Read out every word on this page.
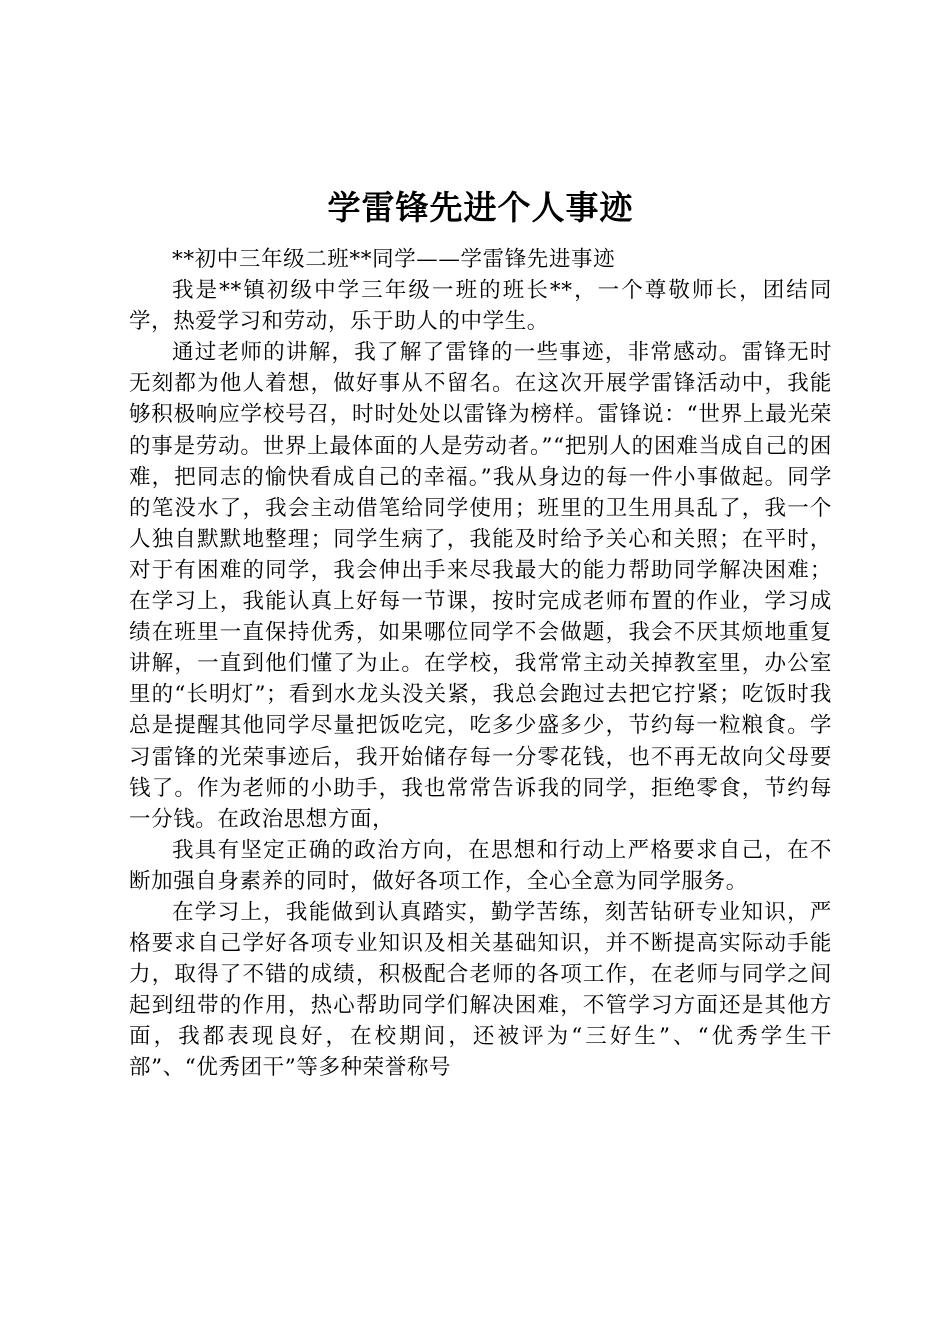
学雷锋先进个人事迹

**初中三年级二班**同学——学雷锋先进事迹

我是**镇初级中学三年级一班的班长**，一个尊敬师长，团结同学，热爱学习和劳动，乐于助人的中学生。

通过老师的讲解，我了解了雷锋的一些事迹，非常感动。雷锋无时无刻都为他人着想，做好事从不留名。在这次开展学雷锋活动中，我能够积极响应学校号召，时时处处以雷锋为榜样。雷锋说：“世界上最光荣的事是劳动。世界上最体面的人是劳动者。”“把别人的困难当成自己的困难，把同志的愉快看成自己的幸福。”我从身边的每一件小事做起。同学的笔没水了，我会主动借笔给同学使用；班里的卫生用具乱了，我一个人独自默默地整理；同学生病了，我能及时给予关心和关照；在平时，对于有困难的同学，我会伸出手来尽我最大的能力帮助同学解决困难；在学习上，我能认真上好每一节课，按时完成老师布置的作业，学习成绩在班里一直保持优秀，如果哪位同学不会做题，我会不厌其烦地重复讲解，一直到他们懂了为止。在学校，我常常主动关掉教室里，办公室里的“长明灯”；看到水龙头没关紧，我总会跑过去把它拧紧；吃饭时我总是提醒其他同学尽量把饭吃完，吃多少盛多少，节约每一粒粮食。学习雷锋的光荣事迹后，我开始储存每一分零花钱，也不再无故向父母要钱了。作为老师的小助手，我也常常告诉我的同学，拒绝零食，节约每一分钱。在政治思想方面，

我具有坚定正确的政治方向，在思想和行动上严格要求自己，在不断加强自身素养的同时，做好各项工作，全心全意为同学服务。

在学习上，我能做到认真踏实，勤学苦练，刻苦钻研专业知识，严格要求自己学好各项专业知识及相关基础知识，并不断提高实际动手能力，取得了不错的成绩，积极配合老师的各项工作，在老师与同学之间起到纽带的作用，热心帮助同学们解决困难，不管学习方面还是其他方面，我都表现良好，在校期间，还被评为“三好生”、“优秀学生干部”、“优秀团干”等多种荣誉称号
